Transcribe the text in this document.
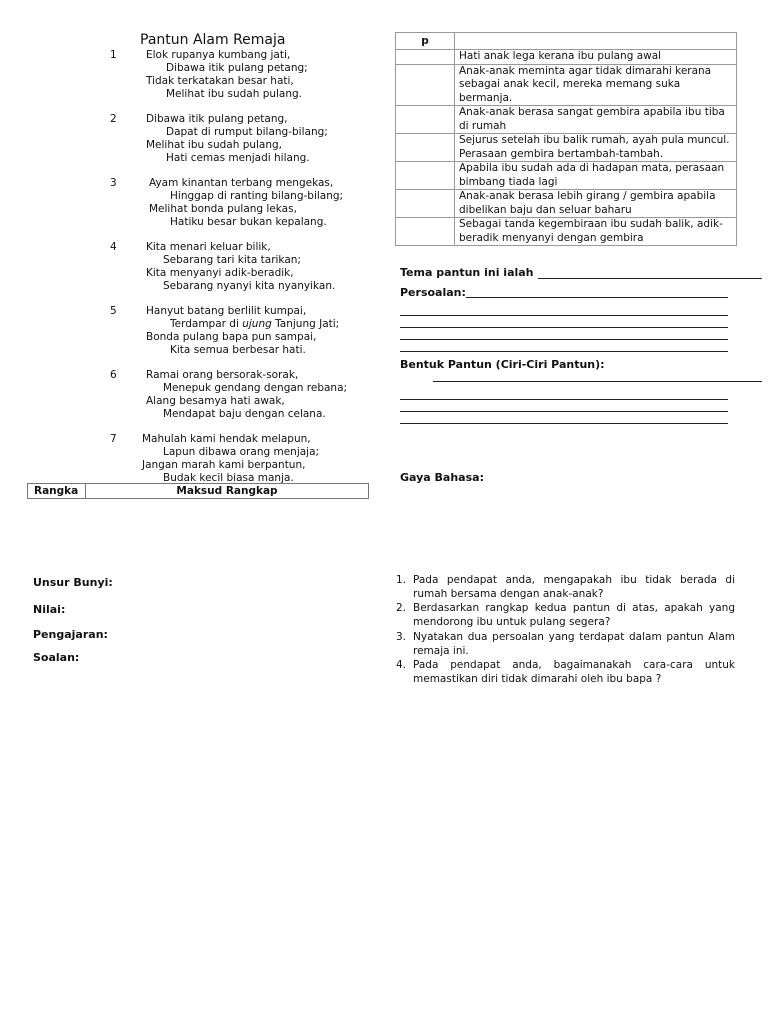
Pantun Alam Remaja
1	Elok rupanya kumbang jati,
Dibawa itik pulang petang;
Tidak terkatakan besar hati,
Melihat ibu sudah pulang.
2	Dibawa itik pulang petang,
Dapat di rumput bilang-bilang;
Melihat ibu sudah pulang,
Hati cemas menjadi hilang.
3	Ayam kinantan terbang mengekas,
Hinggap di ranting bilang-bilang;
Melihat bonda pulang lekas,
Hatiku besar bukan kepalang.
4	Kita menari keluar bilik,
Sebarang tari kita tarikan;
Kita menyanyi adik-beradik,
Sebarang nyanyi kita nyanyikan.
5	Hanyut batang berlilit kumpai,
Terdampar di ujung Tanjung Jati;
Bonda pulang bapa pun sampai,
Kita semua berbesar hati.
6	Ramai orang bersorak-sorak,
Menepuk gendang dengan rebana;
Alang besamya hati awak,
Mendapat baju dengan celana.
7 Mahulah kami hendak melapun,
Lapun dibawa orang menjaja;
Jangan marah kami berpantun,
Budak kecil biasa manja.
Rangka	Maksud Rangkap
Unsur Bunyi:
Nilai:
Pengajaran:
Soalan:
p	
	Hati anak lega kerana ibu pulang awal
	Anak-anak meminta agar tidak dimarahi kerana sebagai anak kecil, mereka memang suka bermanja.
	Anak-anak berasa sangat gembira apabila ibu tiba di rumah
	Sejurus setelah ibu balik rumah, ayah pula muncul. Perasaan gembira bertambah-tambah.
	Apabila ibu sudah ada di hadapan mata, perasaan bimbang tiada lagi
	Anak-anak berasa lebih girang / gembira apabila dibelikan baju dan seluar baharu
	Sebagai tanda kegembiraan ibu sudah balik, adik-beradik menyanyi dengan gembira
Tema pantun ini ialah
Persoalan:
Bentuk Pantun (Ciri-Ciri Pantun):
Gaya Bahasa:
1. Pada pendapat anda, mengapakah ibu tidak berada di rumah bersama dengan anak-anak?
2. Berdasarkan rangkap kedua pantun di atas, apakah yang mendorong ibu untuk pulang segera?
3. Nyatakan dua persoalan yang terdapat dalam pantun Alam remaja ini.
4. Pada pendapat anda, bagaimanakah cara-cara untuk memastikan diri tidak dimarahi oleh ibu bapa ?
